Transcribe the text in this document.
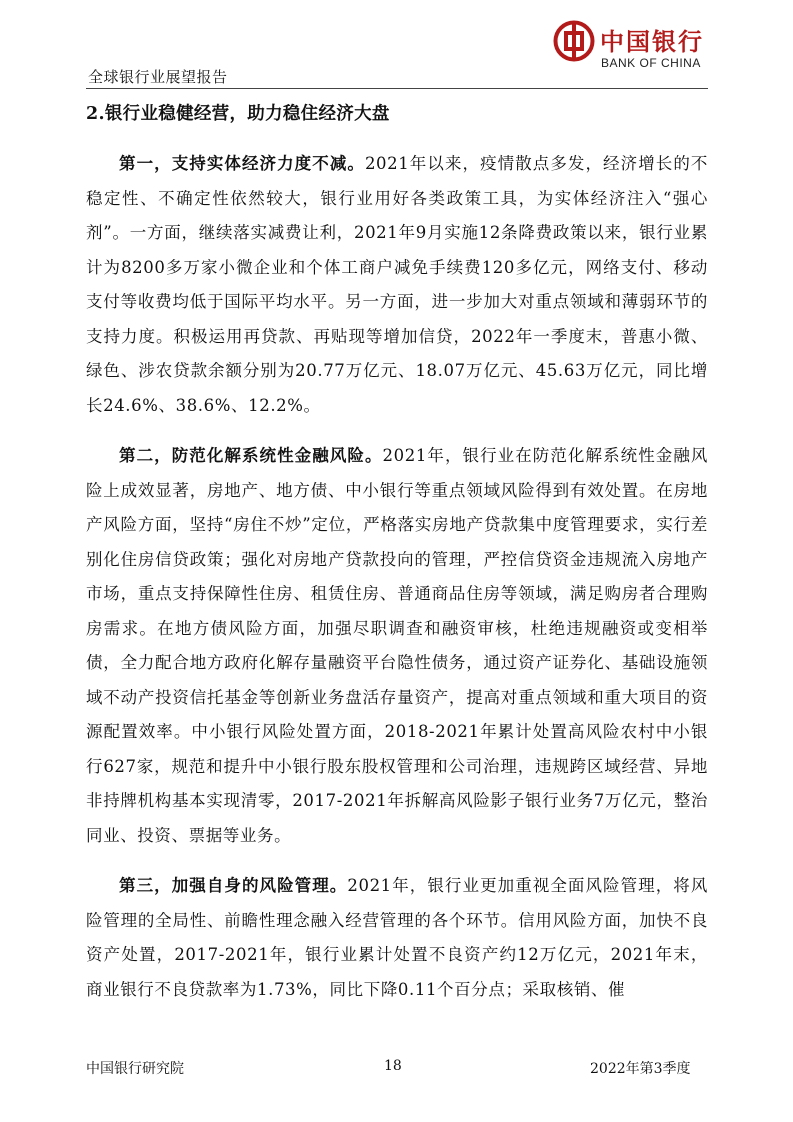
中国银行
BANK OF CHINA
全球银行业展望报告
2.银行业稳健经营，助力稳住经济大盘

第一，支持实体经济力度不减。2021年以来，疫情散点多发，经济增长的不稳定性、不确定性依然较大，银行业用好各类政策工具，为实体经济注入“强心剂”。一方面，继续落实减费让利，2021年9月实施12条降费政策以来，银行业累计为8200多万家小微企业和个体工商户减免手续费120多亿元，网络支付、移动支付等收费均低于国际平均水平。另一方面，进一步加大对重点领域和薄弱环节的支持力度。积极运用再贷款、再贴现等增加信贷，2022年一季度末，普惠小微、绿色、涉农贷款余额分别为20.77万亿元、18.07万亿元、45.63万亿元，同比增长24.6%、38.6%、12.2%。

第二，防范化解系统性金融风险。2021年，银行业在防范化解系统性金融风险上成效显著，房地产、地方债、中小银行等重点领域风险得到有效处置。在房地产风险方面，坚持“房住不炒”定位，严格落实房地产贷款集中度管理要求，实行差别化住房信贷政策；强化对房地产贷款投向的管理，严控信贷资金违规流入房地产市场，重点支持保障性住房、租赁住房、普通商品住房等领域，满足购房者合理购房需求。在地方债风险方面，加强尽职调查和融资审核，杜绝违规融资或变相举债，全力配合地方政府化解存量融资平台隐性债务，通过资产证券化、基础设施领域不动产投资信托基金等创新业务盘活存量资产，提高对重点领域和重大项目的资源配置效率。中小银行风险处置方面，2018-2021年累计处置高风险农村中小银行627家，规范和提升中小银行股东股权管理和公司治理，违规跨区域经营、异地非持牌机构基本实现清零，2017-2021年拆解高风险影子银行业务7万亿元，整治同业、投资、票据等业务。

第三，加强自身的风险管理。2021年，银行业更加重视全面风险管理，将风险管理的全局性、前瞻性理念融入经营管理的各个环节。信用风险方面，加快不良资产处置，2017-2021年，银行业累计处置不良资产约12万亿元，2021年末，商业银行不良贷款率为1.73%，同比下降0.11个百分点；采取核销、催

中国银行研究院	18	2022年第3季度
